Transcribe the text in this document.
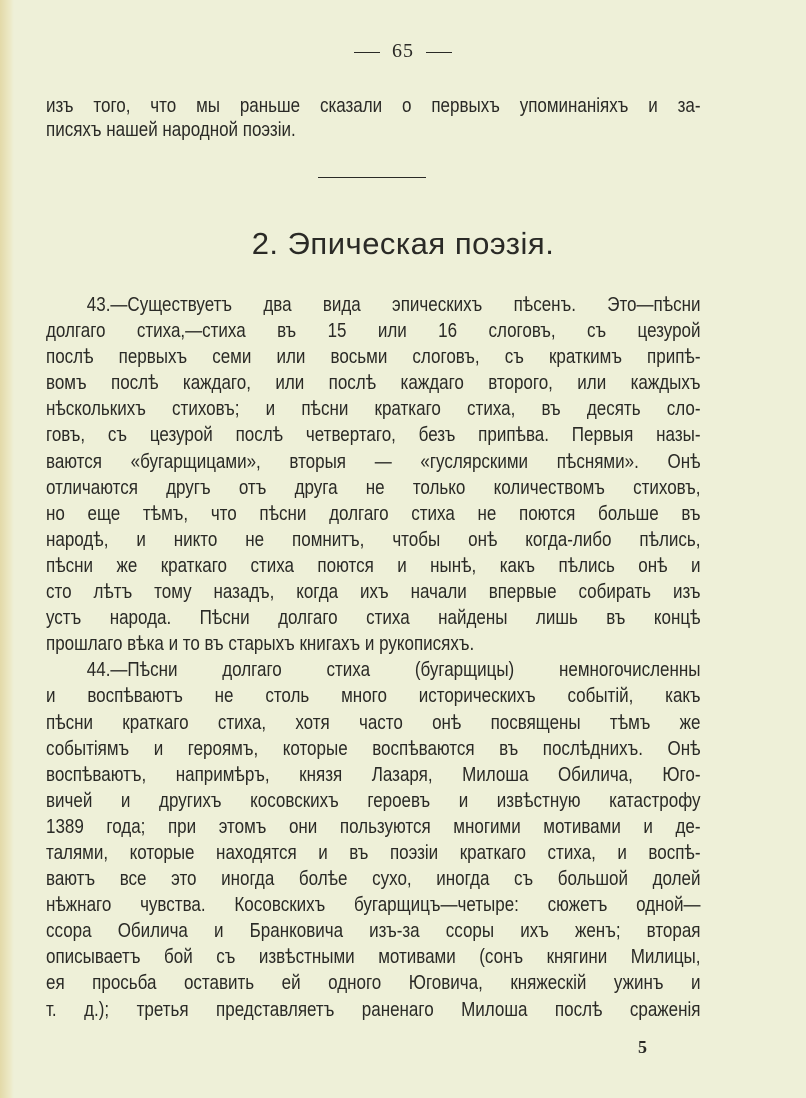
65
изъ того, что мы раньше сказали о первыхъ упоминаніяхъ и за-
писяхъ нашей народной поэзіи.
2. Эпическая поэзія.
43.—Существуетъ два вида эпическихъ пѣсенъ. Это—пѣсни
долгаго стиха,—стиха въ 15 или 16 слоговъ, съ цезурой
послѣ первыхъ семи или восьми слоговъ, съ краткимъ припѣ-
вомъ послѣ каждаго, или послѣ каждаго второго, или каждыхъ
нѣсколькихъ стиховъ; и пѣсни краткаго стиха, въ десять сло-
говъ, съ цезурой послѣ четвертаго, безъ припѣва. Первыя назы-
ваются «бугарщицами», вторыя — «гуслярскими пѣснями». Онѣ
отличаются другъ отъ друга не только количествомъ стиховъ,
но еще тѣмъ, что пѣсни долгаго стиха не поются больше въ
народѣ, и никто не помнитъ, чтобы онѣ когда-либо пѣлись,
пѣсни же краткаго стиха поются и нынѣ, какъ пѣлись онѣ и
сто лѣтъ тому назадъ, когда ихъ начали впервые собирать изъ
устъ народа. Пѣсни долгаго стиха найдены лишь въ концѣ
прошлаго вѣка и то въ старыхъ книгахъ и рукописяхъ.
44.—Пѣсни долгаго стиха (бугарщицы) немногочисленны
и воспѣваютъ не столь много историческихъ событій, какъ
пѣсни краткаго стиха, хотя часто онѣ посвящены тѣмъ же
событіямъ и героямъ, которые воспѣваются въ послѣднихъ. Онѣ
воспѣваютъ, напримѣръ, князя Лазаря, Милоша Обилича, Юго-
вичей и другихъ косовскихъ героевъ и извѣстную катастрофу
1389 года; при этомъ они пользуются многими мотивами и де-
талями, которые находятся и въ поэзіи краткаго стиха, и воспѣ-
ваютъ все это иногда болѣе сухо, иногда съ большой долей
нѣжнаго чувства. Косовскихъ бугарщицъ—четыре: сюжетъ одной—
ссора Обилича и Бранковича изъ-за ссоры ихъ женъ; вторая
описываетъ бой съ извѣстными мотивами (сонъ княгини Милицы,
ея просьба оставить ей одного Юговича, княжескій ужинъ и
т. д.); третья представляетъ раненаго Милоша послѣ сраженія
5
